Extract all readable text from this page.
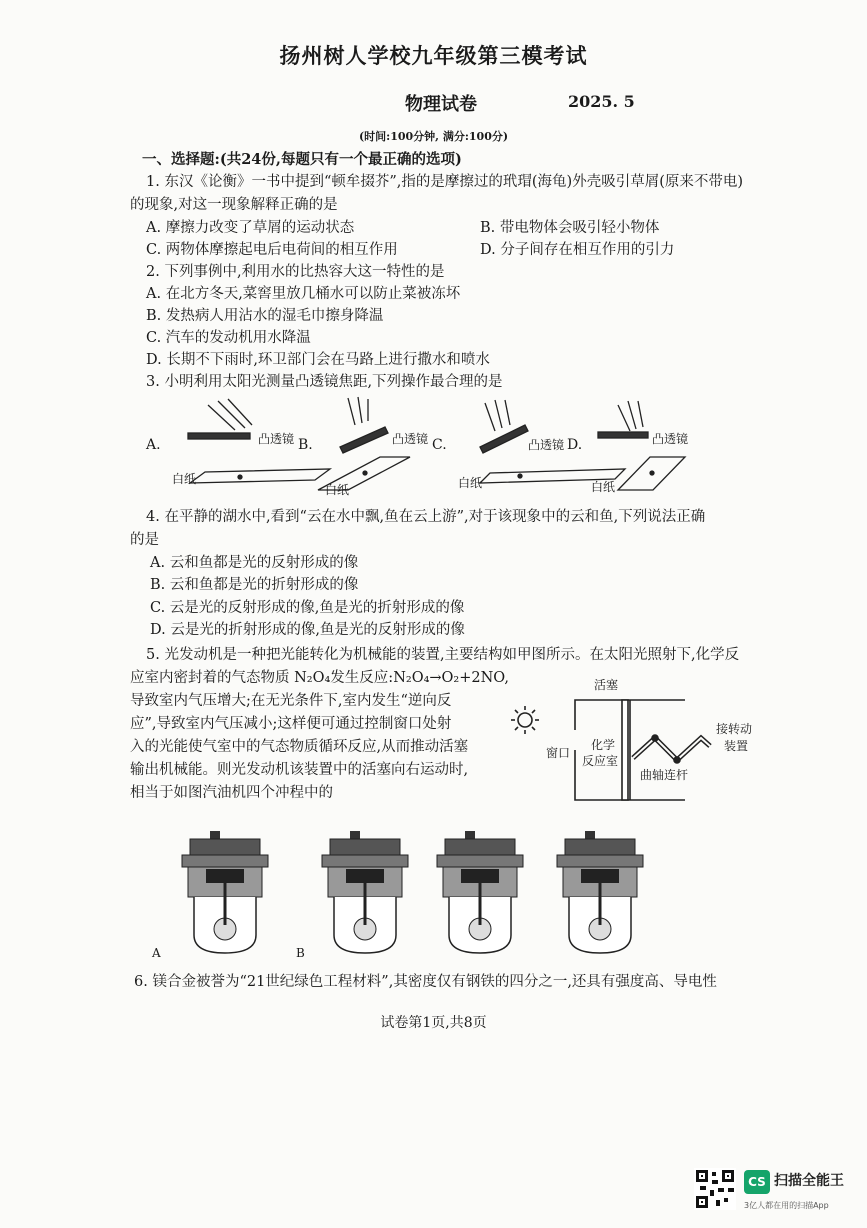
扬州树人学校九年级第三模考试
物理试卷	2025. 5
(时间:100分钟, 满分:100分)
一、选择题:(共24份,每题只有一个最正确的选项)
1. 东汉《论衡》一书中提到“顿牟掇芥”,指的是摩擦过的玳瑁(海龟)外壳吸引草屑(原来不带电)
的现象,对这一现象解释正确的是
A. 摩擦力改变了草屑的运动状态	B. 带电物体会吸引轻小物体
C. 两物体摩擦起电后电荷间的相互作用	D. 分子间存在相互作用的引力
2. 下列事例中,利用水的比热容大这一特性的是
A. 在北方冬天,菜窖里放几桶水可以防止菜被冻坏
B. 发热病人用沾水的湿毛巾擦身降温
C. 汽车的发动机用水降温
D. 长期不下雨时,环卫部门会在马路上进行撒水和喷水
3. 小明利用太阳光测量凸透镜焦距,下列操作最合理的是
A.	B.	C.	D.
凸透镜	凸透镜	凸透镜	凸透镜
白纸
白纸	白纸	白纸
4. 在平静的湖水中,看到“云在水中飘,鱼在云上游”,对于该现象中的云和鱼,下列说法正确
的是
A. 云和鱼都是光的反射形成的像
B. 云和鱼都是光的折射形成的像
C. 云是光的反射形成的像,鱼是光的折射形成的像
D. 云是光的折射形成的像,鱼是光的反射形成的像
5. 光发动机是一种把光能转化为机械能的装置,主要结构如甲图所示。在太阳光照射下,化学反
应室内密封着的气态物质 N₂O₄发生反应:N₂O₄→O₂+2NO,
导致室内气压增大;在无光条件下,室内发生“逆向反
应”,导致室内气压减小;这样便可通过控制窗口处射
入的光能使气室中的气态物质循环反应,从而推动活塞
输出机械能。则光发动机该装置中的活塞向右运动时,
相当于如图汽油机四个冲程中的
活塞
窗口
化学
反应室
曲轴连杆
接转动
装置
A	B
6. 镁合金被誉为“21世纪绿色工程材料”,其密度仅有钢铁的四分之一,还具有强度高、导电性
试卷第1页,共8页
CS 扫描全能王
3亿人都在用的扫描App
